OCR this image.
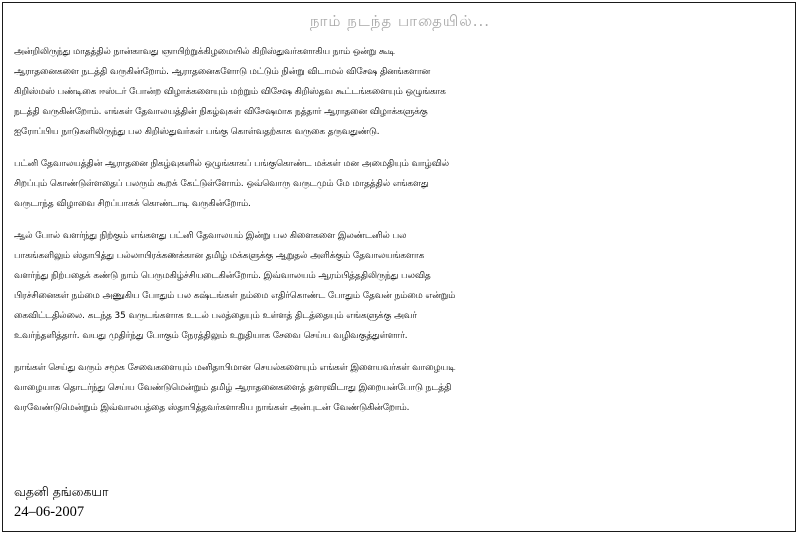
நாம் நடந்த பாதையில்...
அன்றிலிருந்து மாதத்தில் நான்காவது ஞாயிற்றுக்கிழமையில் கிறிஸ்துவர்களாகிய நாம் ஒன்று கூடி
ஆராதனைகளை நடத்தி வருகின்றோம். ஆராதனைகளோடு மட்டும் நின்று விடாமல் விசேஷ தினங்களான
கிறிஸ்மஸ் பண்டிகை ஈஸ்டர் போன்ற விழாக்களையும் மற்றும் விசேஷ கிறிஸ்தவ கூட்டங்களையும் ஒழுங்காக
நடத்தி வருகின்றோம். எங்கள் தேவாலயத்தின் நிகழ்வுகள் விசேஷமாக நத்தார் ஆராதனை விழாக்களுக்கு
ஐரோப்பிய நாடுகளிலிருந்து பல கிறிஸ்துவர்கள் பங்கு கொள்வதற்காக வருகை தருவதுண்டு.
பட்னி தேவாலயத்தின் ஆராதனை நிகழ்வுகளில் ஒழுங்காகப் பங்குகொண்ட மக்கள் மன அமைதியும் வாழ்வில்
சிறப்பும் கொண்டுள்ளதைப் பலரும் கூறக் கேட்டுள்ளோம். ஒவ்வொரு வருடமும் மே மாதத்தில் எங்களது
வருடாந்த விழாவை சிறப்பாகக் கொண்டாடி வருகின்றோம்.
ஆல் போல் வளர்ந்து நிற்கும் எங்களது பட்னி தேவாலயம் இன்று பல கிளைகளை இலண்டனில் பல
பாகங்களிலும் ஸ்தாபித்து பல்லாயிரக்கணக்கான தமிழ் மக்களுக்கு ஆறுதல் அளிக்கும் தேவாலயங்களாக
வளர்ந்து நிற்பதைக் கண்டு நாம் பெருமகிழ்ச்சியடைகின்றோம். இவ்வாலயம் ஆரம்பித்ததிலிருந்து பலவித
பிரச்சினைகள் நம்மை அணுகிய போதும் பல கஷ்டங்கள் நம்மை எதிர்கொண்ட போதும் தேவன் நம்மை என்றும்
கைவிட்டதில்லை. கடந்த 35 வருடங்களாக உடல் பலத்தையும் உள்ளத் திடத்தையும் எங்களுக்கு அவர்
உவர்ந்தளித்தார். வயது முதிர்ந்து போகும் நேரத்திலும் உறுதியாக சேவை செய்ய வழிவகுத்துள்ளார்.
நாங்கள் செய்து வரும் சமூக சேவைகளையும் மனிதாபிமான செயல்களையும் எங்கள் இளையவர்கள் வாழையடி
வாழையாக தொடர்ந்து செய்ய வேண்டுமென்றும் தமிழ் ஆராதனைகளைத் தளரவிடாது இறையன்போடு நடத்தி
வரவேண்டுமென்றும் இவ்வாலயத்தை ஸ்தாபித்தவர்களாகிய நாங்கள் அன்புடன் வேண்டுகின்றோம்.
வதனி தங்கையா
24–06-2007
